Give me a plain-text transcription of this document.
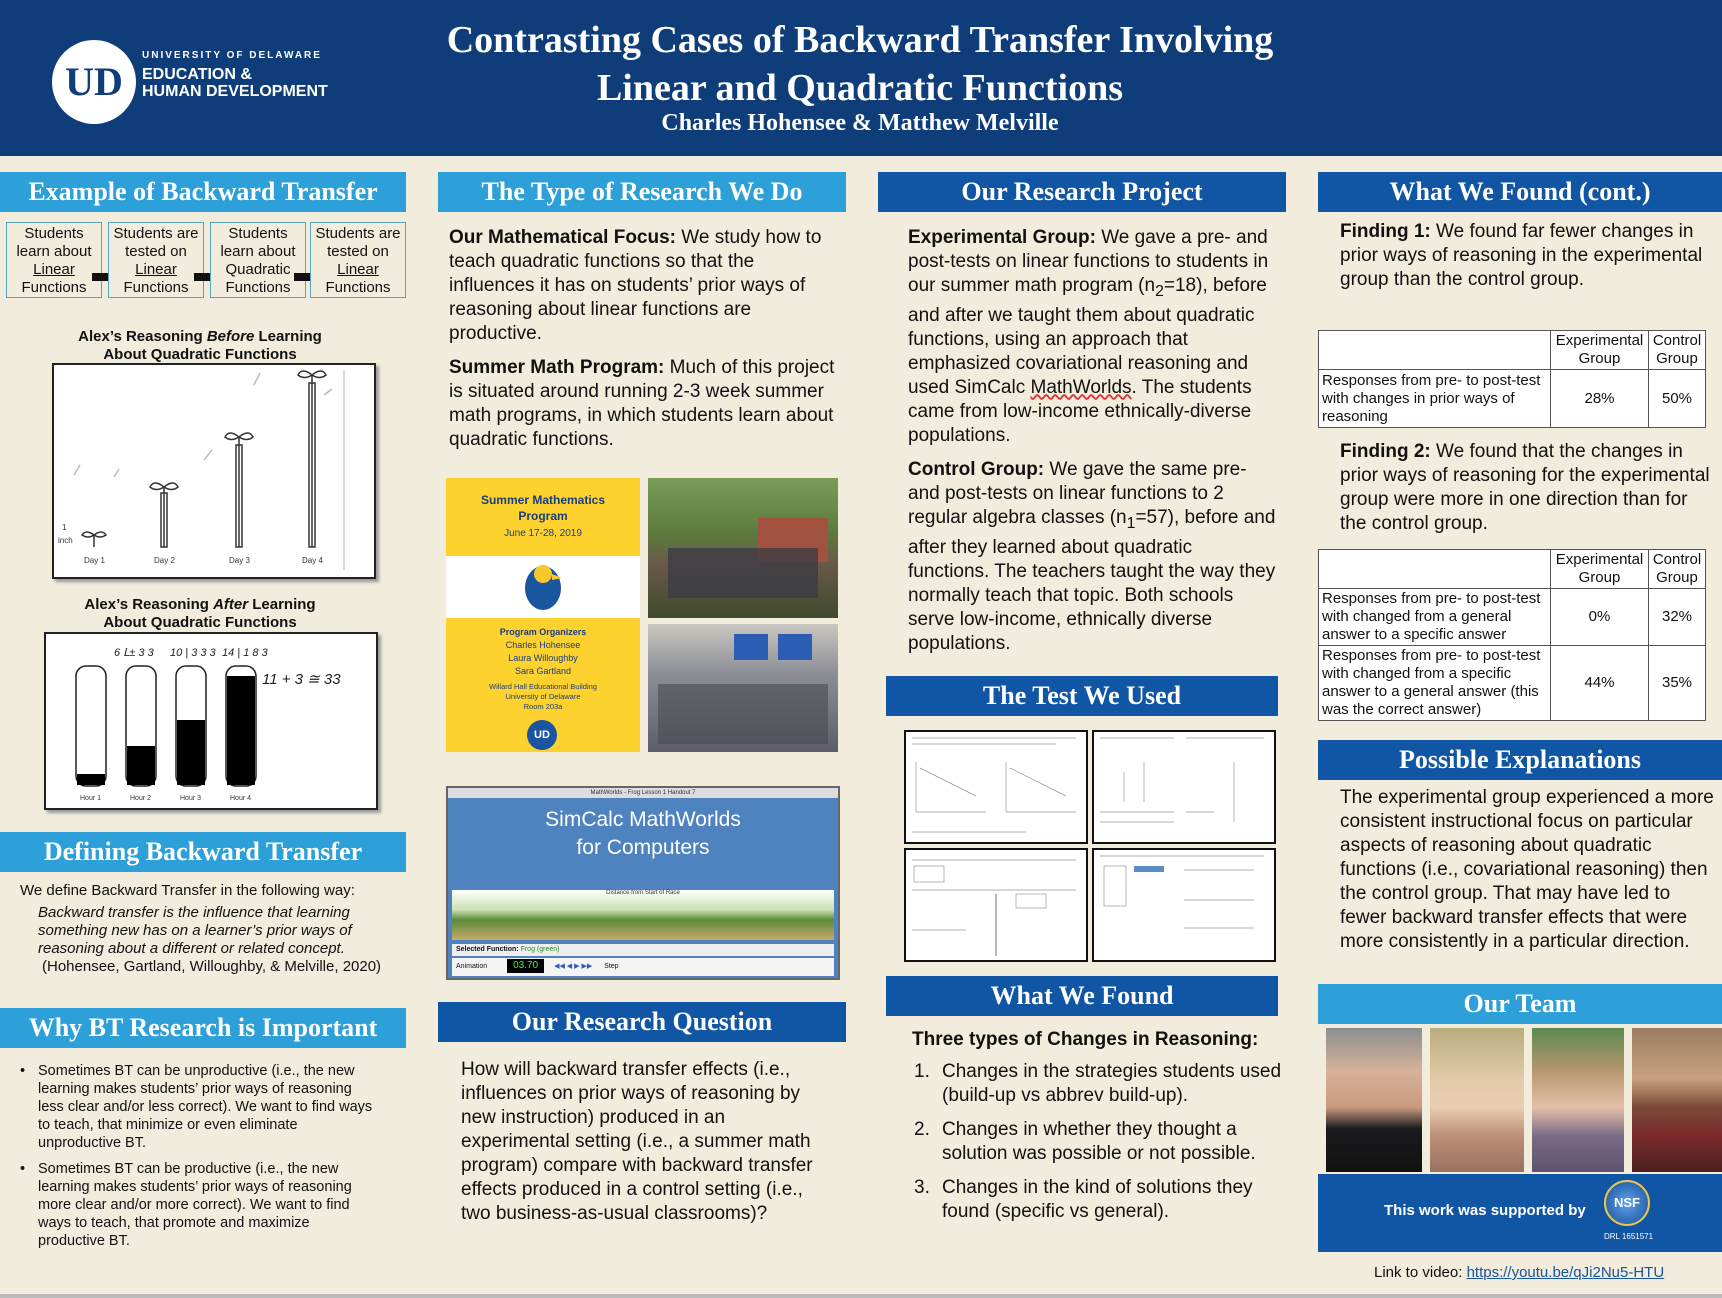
UD
UNIVERSITY OF DELAWARE
EDUCATION &
HUMAN DEVELOPMENT
Contrasting Cases of Backward Transfer Involving
Linear and Quadratic Functions
Charles Hohensee & Matthew Melville
Example of Backward Transfer
Students learn about Linear Functions
Students are tested on Linear Functions
Students learn about Quadratic Functions
Students are tested on Linear Functions
Alex’s Reasoning Before Learning
About Quadratic Functions
1
inch
Day 1	Day 2	Day 3	Day 4
Alex’s Reasoning After Learning
About Quadratic Functions
6 Ⅼ± 3 3 10 | 3 3 3 14 | 1 8 3
11 + 3 ≅ 33
Hour 1	Hour 2	Hour 3	Hour 4
Defining Backward Transfer
We define Backward Transfer in the following way:
Backward transfer is the influence that learning something new has on a learner’s prior ways of reasoning about a different or related concept.
(Hohensee, Gartland, Willoughby, & Melville, 2020)
Why BT Research is Important
• Sometimes BT can be unproductive (i.e., the new learning makes students’ prior ways of reasoning less clear and/or less correct). We want to find ways to teach, that minimize or even eliminate unproductive BT.
• Sometimes BT can be productive (i.e., the new learning makes students’ prior ways of reasoning more clear and/or more correct). We want to find ways to teach, that promote and maximize productive BT.
The Type of Research We Do

Our Mathematical Focus: We study how to teach quadratic functions so that the influences it has on students’ prior ways of reasoning about linear functions are productive.

Summer Math Program: Much of this project is situated around running 2-3 week summer math programs, in which students learn about quadratic functions.

Summer Mathematics Program
June 17-28, 2019
Program Organizers
Charles Hohensee
Laura Willoughby
Sara Gartland
Willard Hall Educational Building
University of Delaware
Room 203a
UD
MathWorlds - Frog Lesson 1 Handout 7
SimCalc MathWorlds
for Computers
Distance from Start of Race
Selected Function: Frog (green)
Animation	03.70 ◀◀ ◀ ▶ ▶▶ Step
Our Research Question
How will backward transfer effects (i.e., influences on prior ways of reasoning by new instruction) produced in an experimental setting (i.e., a summer math program) compare with backward transfer effects produced in a control setting (i.e., two business-as-usual classrooms)?
Our Research Project

Experimental Group: We gave a pre- and post-tests on linear functions to students in our summer math program $(n_2=18)$, before and after we taught them about quadratic functions, using an approach that emphasized covariational reasoning and used SimCalc MathWorlds. The students came from low-income ethnically-diverse populations.

Control Group: We gave the same pre- and post-tests on linear functions to 2 regular algebra classes $(n_1=57)$, before and after they learned about quadratic functions. The teachers taught the way they normally teach that topic. Both schools serve low-income, ethnically diverse populations.

The Test We Used
What We Found
Three types of Changes in Reasoning:
1. Changes in the strategies students used (build-up vs abbrev build-up).
2. Changes in whether they thought a solution was possible or not possible.
3. Changes in the kind of solutions they found (specific vs general).
What We Found (cont.)
Finding 1: We found far fewer changes in prior ways of reasoning in the experimental group than the control group.
	Experimental Group	Control Group
Responses from pre- to post-test with changes in prior ways of reasoning	28%	50%
Finding 2: We found that the changes in prior ways of reasoning for the experimental group were more in one direction than for the control group.
	Experimental Group	Control Group
Responses from pre- to post-test with changed from a general answer to a specific answer	0%	32%
Responses from pre- to post-test with changed from a specific answer to a general answer (this was the correct answer)	44%	35%
Possible Explanations
The experimental group experienced a more consistent instructional focus on particular aspects of reasoning about quadratic functions (i.e., covariational reasoning) then the control group. That may have led to fewer backward transfer effects that were more consistently in a particular direction.
Our Team
This work was supported by	NSF
DRL 1651571
Link to video: https://youtu.be/qJi2Nu5-HTU
